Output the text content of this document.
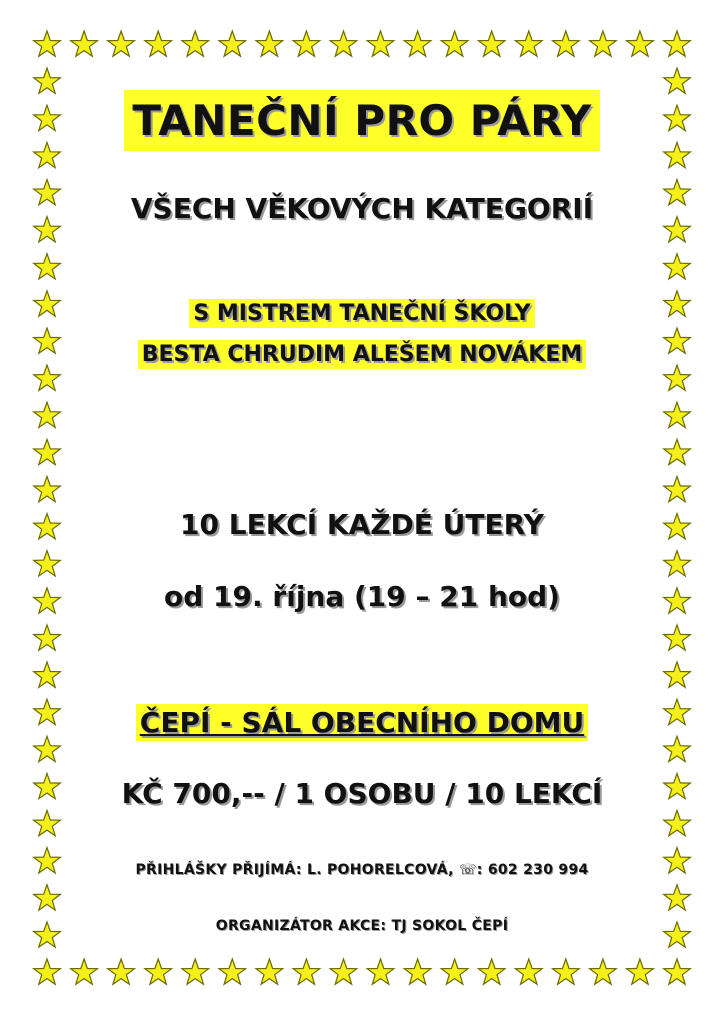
TANEČNÍ PRO PÁRY
VŠECH VĚKOVÝCH KATEGORIÍ
S MISTREM TANEČNÍ ŠKOLY
BESTA CHRUDIM ALEŠEM NOVÁKEM
10 LEKCÍ KAŽDÉ ÚTERÝ
od 19. října (19 – 21 hod)
ČEPÍ - SÁL OBECNÍHO DOMU
KČ 700,-- / 1 OSOBU / 10 LEKCÍ
PŘIHLÁŠKY PŘIJÍMÁ: L. POHORELCOVÁ, ☏: 602 230 994
ORGANIZÁTOR AKCE: TJ SOKOL ČEPÍ
